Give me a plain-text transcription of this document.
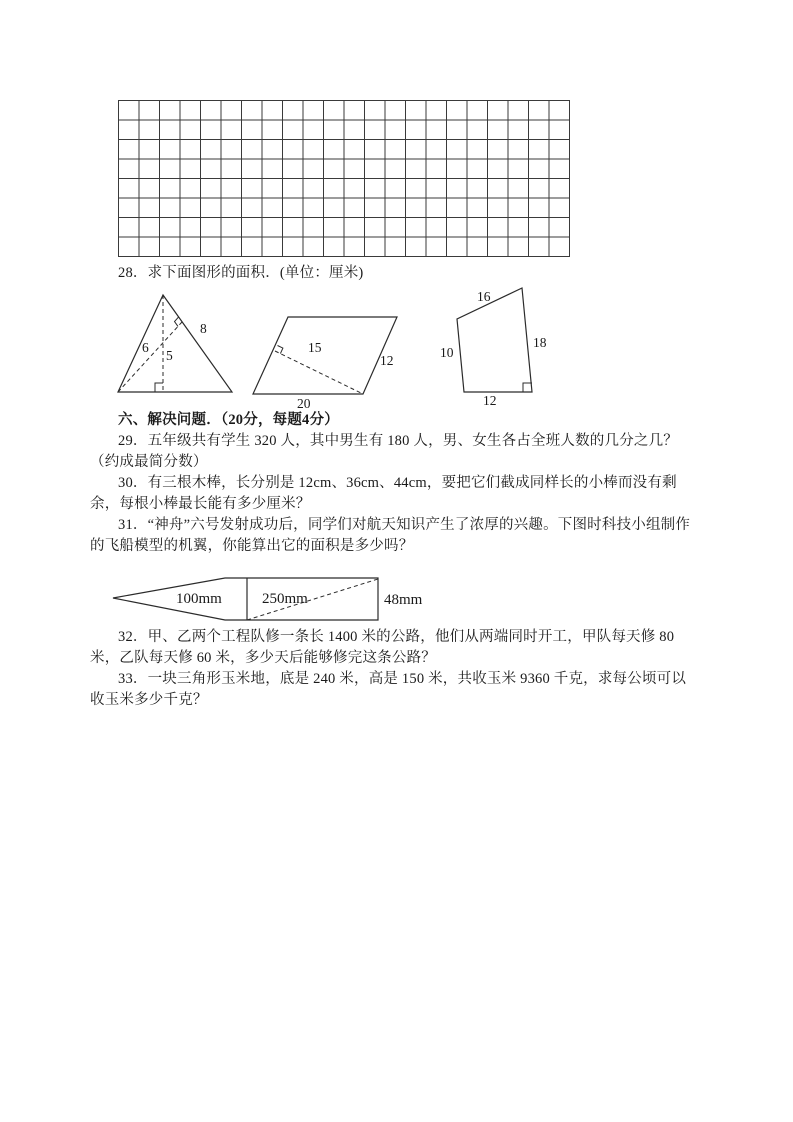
28．求下面图形的面积．(单位：厘米)

8
6
5
15
12
20
16
18
10
12

六、解决问题．（20分，每题4分）

29．五年级共有学生 320 人，其中男生有 180 人，男、女生各占全班人数的几分之几？（约成最简分数）

30．有三根木棒，长分别是 12cm、36cm、44cm，要把它们截成同样长的小棒而没有剩余，每根小棒最长能有多少厘米？

31．“神舟”六号发射成功后，同学们对航天知识产生了浓厚的兴趣。下图时科技小组制作的飞船模型的机翼，你能算出它的面积是多少吗？

100mm	250mm	48mm

32．甲、乙两个工程队修一条长 1400 米的公路，他们从两端同时开工，甲队每天修 80 米，乙队每天修 60 米，多少天后能够修完这条公路？

33．一块三角形玉米地，底是 240 米，高是 150 米，共收玉米 9360 千克，求每公顷可以收玉米多少千克？
